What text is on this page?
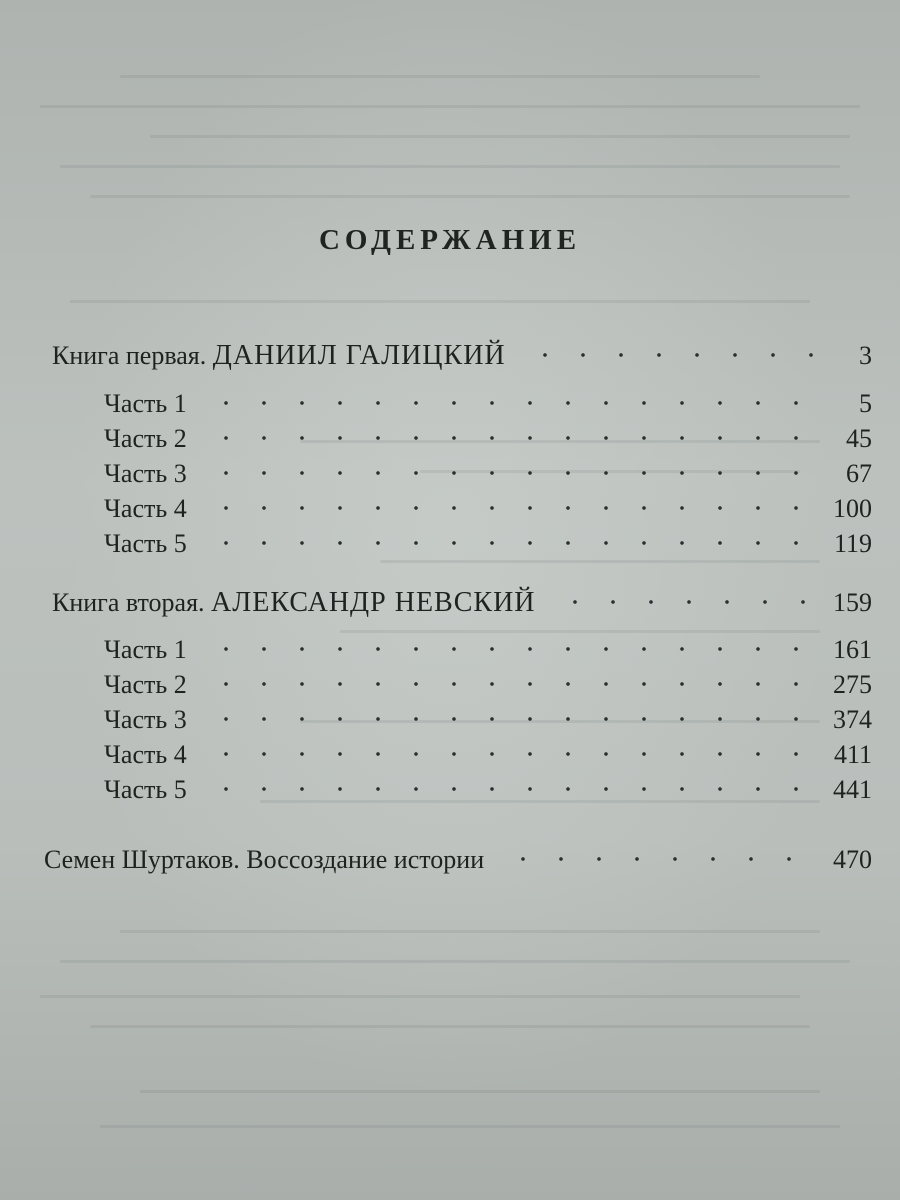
СОДЕРЖАНИЕ
Книга первая. ДАНИИЛ ГАЛИЦКИЙ	3
Часть 1	5
Часть 2	45
Часть 3	67
Часть 4	100
Часть 5	119
Книга вторая. АЛЕКСАНДР НЕВСКИЙ	159
Часть 1	161
Часть 2	275
Часть 3	374
Часть 4	411
Часть 5	441
Семен Шуртаков. Воссоздание истории	470
